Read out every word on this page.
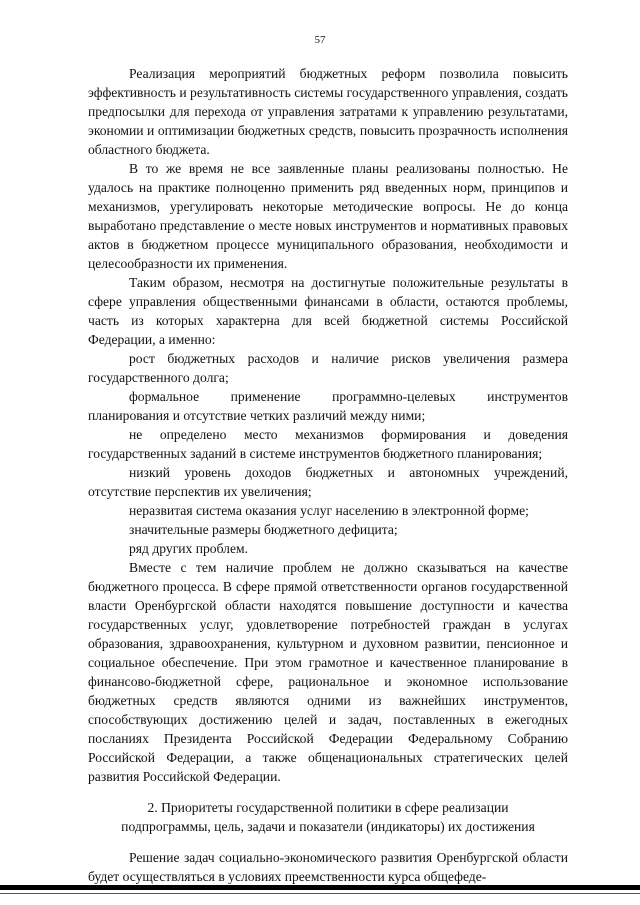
57

Реализация мероприятий бюджетных реформ позволила повысить эффективность и результативность системы государственного управления, создать предпосылки для перехода от управления затратами к управлению результатами, экономии и оптимизации бюджетных средств, повысить прозрачность исполнения областного бюджета.

В то же время не все заявленные планы реализованы полностью. Не удалось на практике полноценно применить ряд введенных норм, принципов и механизмов, урегулировать некоторые методические вопросы. Не до конца выработано представление о месте новых инструментов и нормативных правовых актов в бюджетном процессе муниципального образования, необходимости и целесообразности их применения.

Таким образом, несмотря на достигнутые положительные результаты в сфере управления общественными финансами в области, остаются проблемы, часть из которых характерна для всей бюджетной системы Российской Федерации, а именно:

рост бюджетных расходов и наличие рисков увеличения размера государственного долга;

формальное применение программно-целевых инструментов планирования и отсутствие четких различий между ними;

не определено место механизмов формирования и доведения государственных заданий в системе инструментов бюджетного планирования;

низкий уровень доходов бюджетных и автономных учреждений, отсутствие перспектив их увеличения;

неразвитая система оказания услуг населению в электронной форме;

значительные размеры бюджетного дефицита;

ряд других проблем.

Вместе с тем наличие проблем не должно сказываться на качестве бюджетного процесса. В сфере прямой ответственности органов государственной власти Оренбургской области находятся повышение доступности и качества государственных услуг, удовлетворение потребностей граждан в услугах образования, здравоохранения, культурном и духовном развитии, пенсионное и социальное обеспечение. При этом грамотное и качественное планирование в финансово-бюджетной сфере, рациональное и экономное использование бюджетных средств являются одними из важнейших инструментов, способствующих достижению целей и задач, поставленных в ежегодных посланиях Президента Российской Федерации Федеральному Собранию Российской Федерации, а также общенациональных стратегических целей развития Российской Федерации.

2. Приоритеты государственной политики в сфере реализации
подпрограммы, цель, задачи и показатели (индикаторы) их достижения

Решение задач социально-экономического развития Оренбургской области будет осуществляться в условиях преемственности курса общефеде-
